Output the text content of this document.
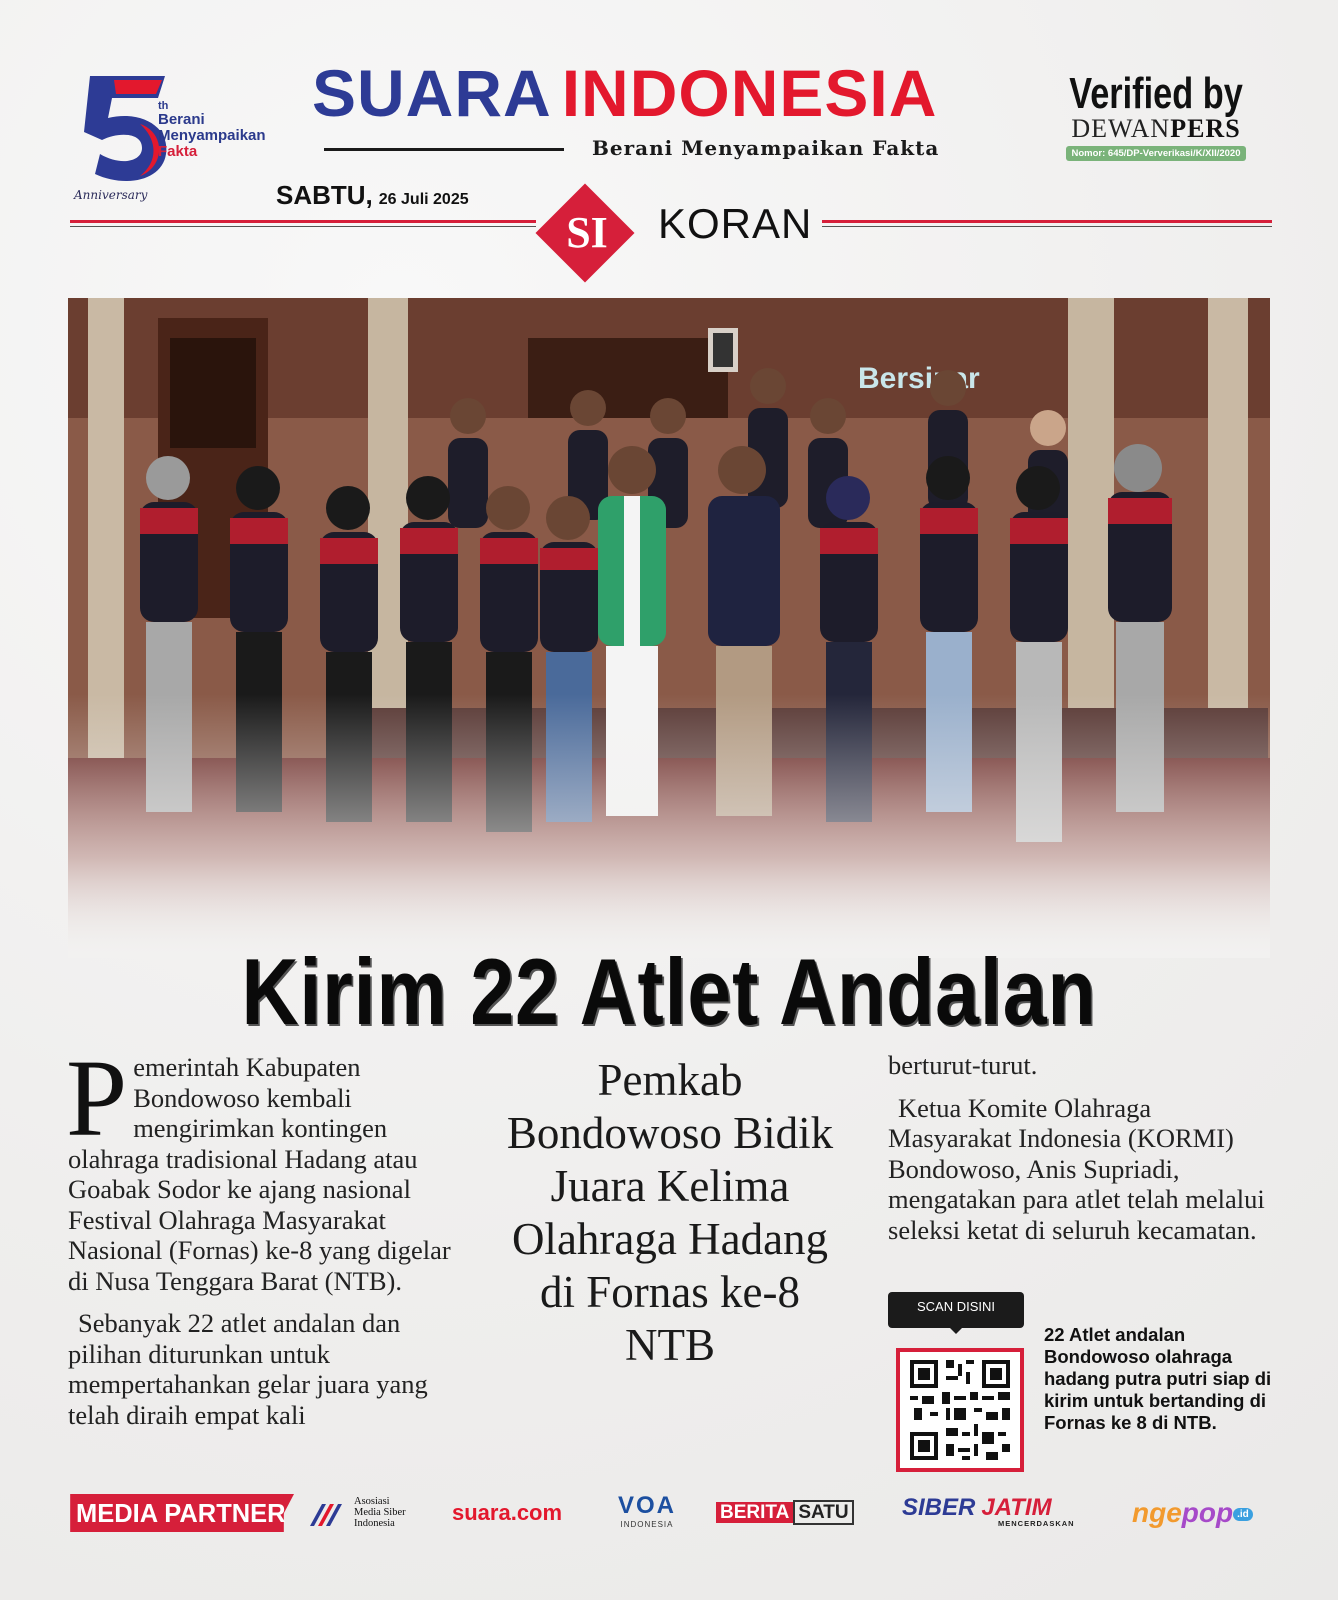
th
Berani
Menyampaikan
Fakta
Anniversary
SUARA INDONESIA
Berani Menyampaikan Fakta
Verified by
DEWANPERS
Nomor: 645/DP-Ververikasi/K/XII/2020
SABTU, 26 Juli 2025
SI	KORAN
Kirim 22 Atlet Andalan
P emerintah Kabupaten Bondowoso kembali mengirimkan kontingen olahraga tradisional Hadang atau Goabak Sodor ke ajang nasional Festival Olahraga Masyarakat Nasional (Fornas) ke-8 yang digelar di Nusa Tenggara Barat (NTB).

Sebanyak 22 atlet andalan dan pilihan diturunkan untuk mempertahankan gelar juara yang telah diraih empat kali

Pemkab Bondowoso Bidik Juara Kelima Olahraga Hadang di Fornas ke-8 NTB

berturut-turut.

Ketua Komite Olahraga Masyarakat Indonesia (KORMI) Bondowoso, Anis Supriadi, mengatakan para atlet telah melalui seleksi ketat di seluruh kecamatan.

SCAN DISINI
22 Atlet andalan Bondowoso olahraga hadang putra putri siap di kirim untuk bertanding di Fornas ke 8 di NTB.
MEDIA PARTNER	Asosiasi
Media Siber
Indonesia	suara.com VOA
INDONESIA
BERITA SATU SIBER JATIM
MENCERDASKAN ngepop .id
